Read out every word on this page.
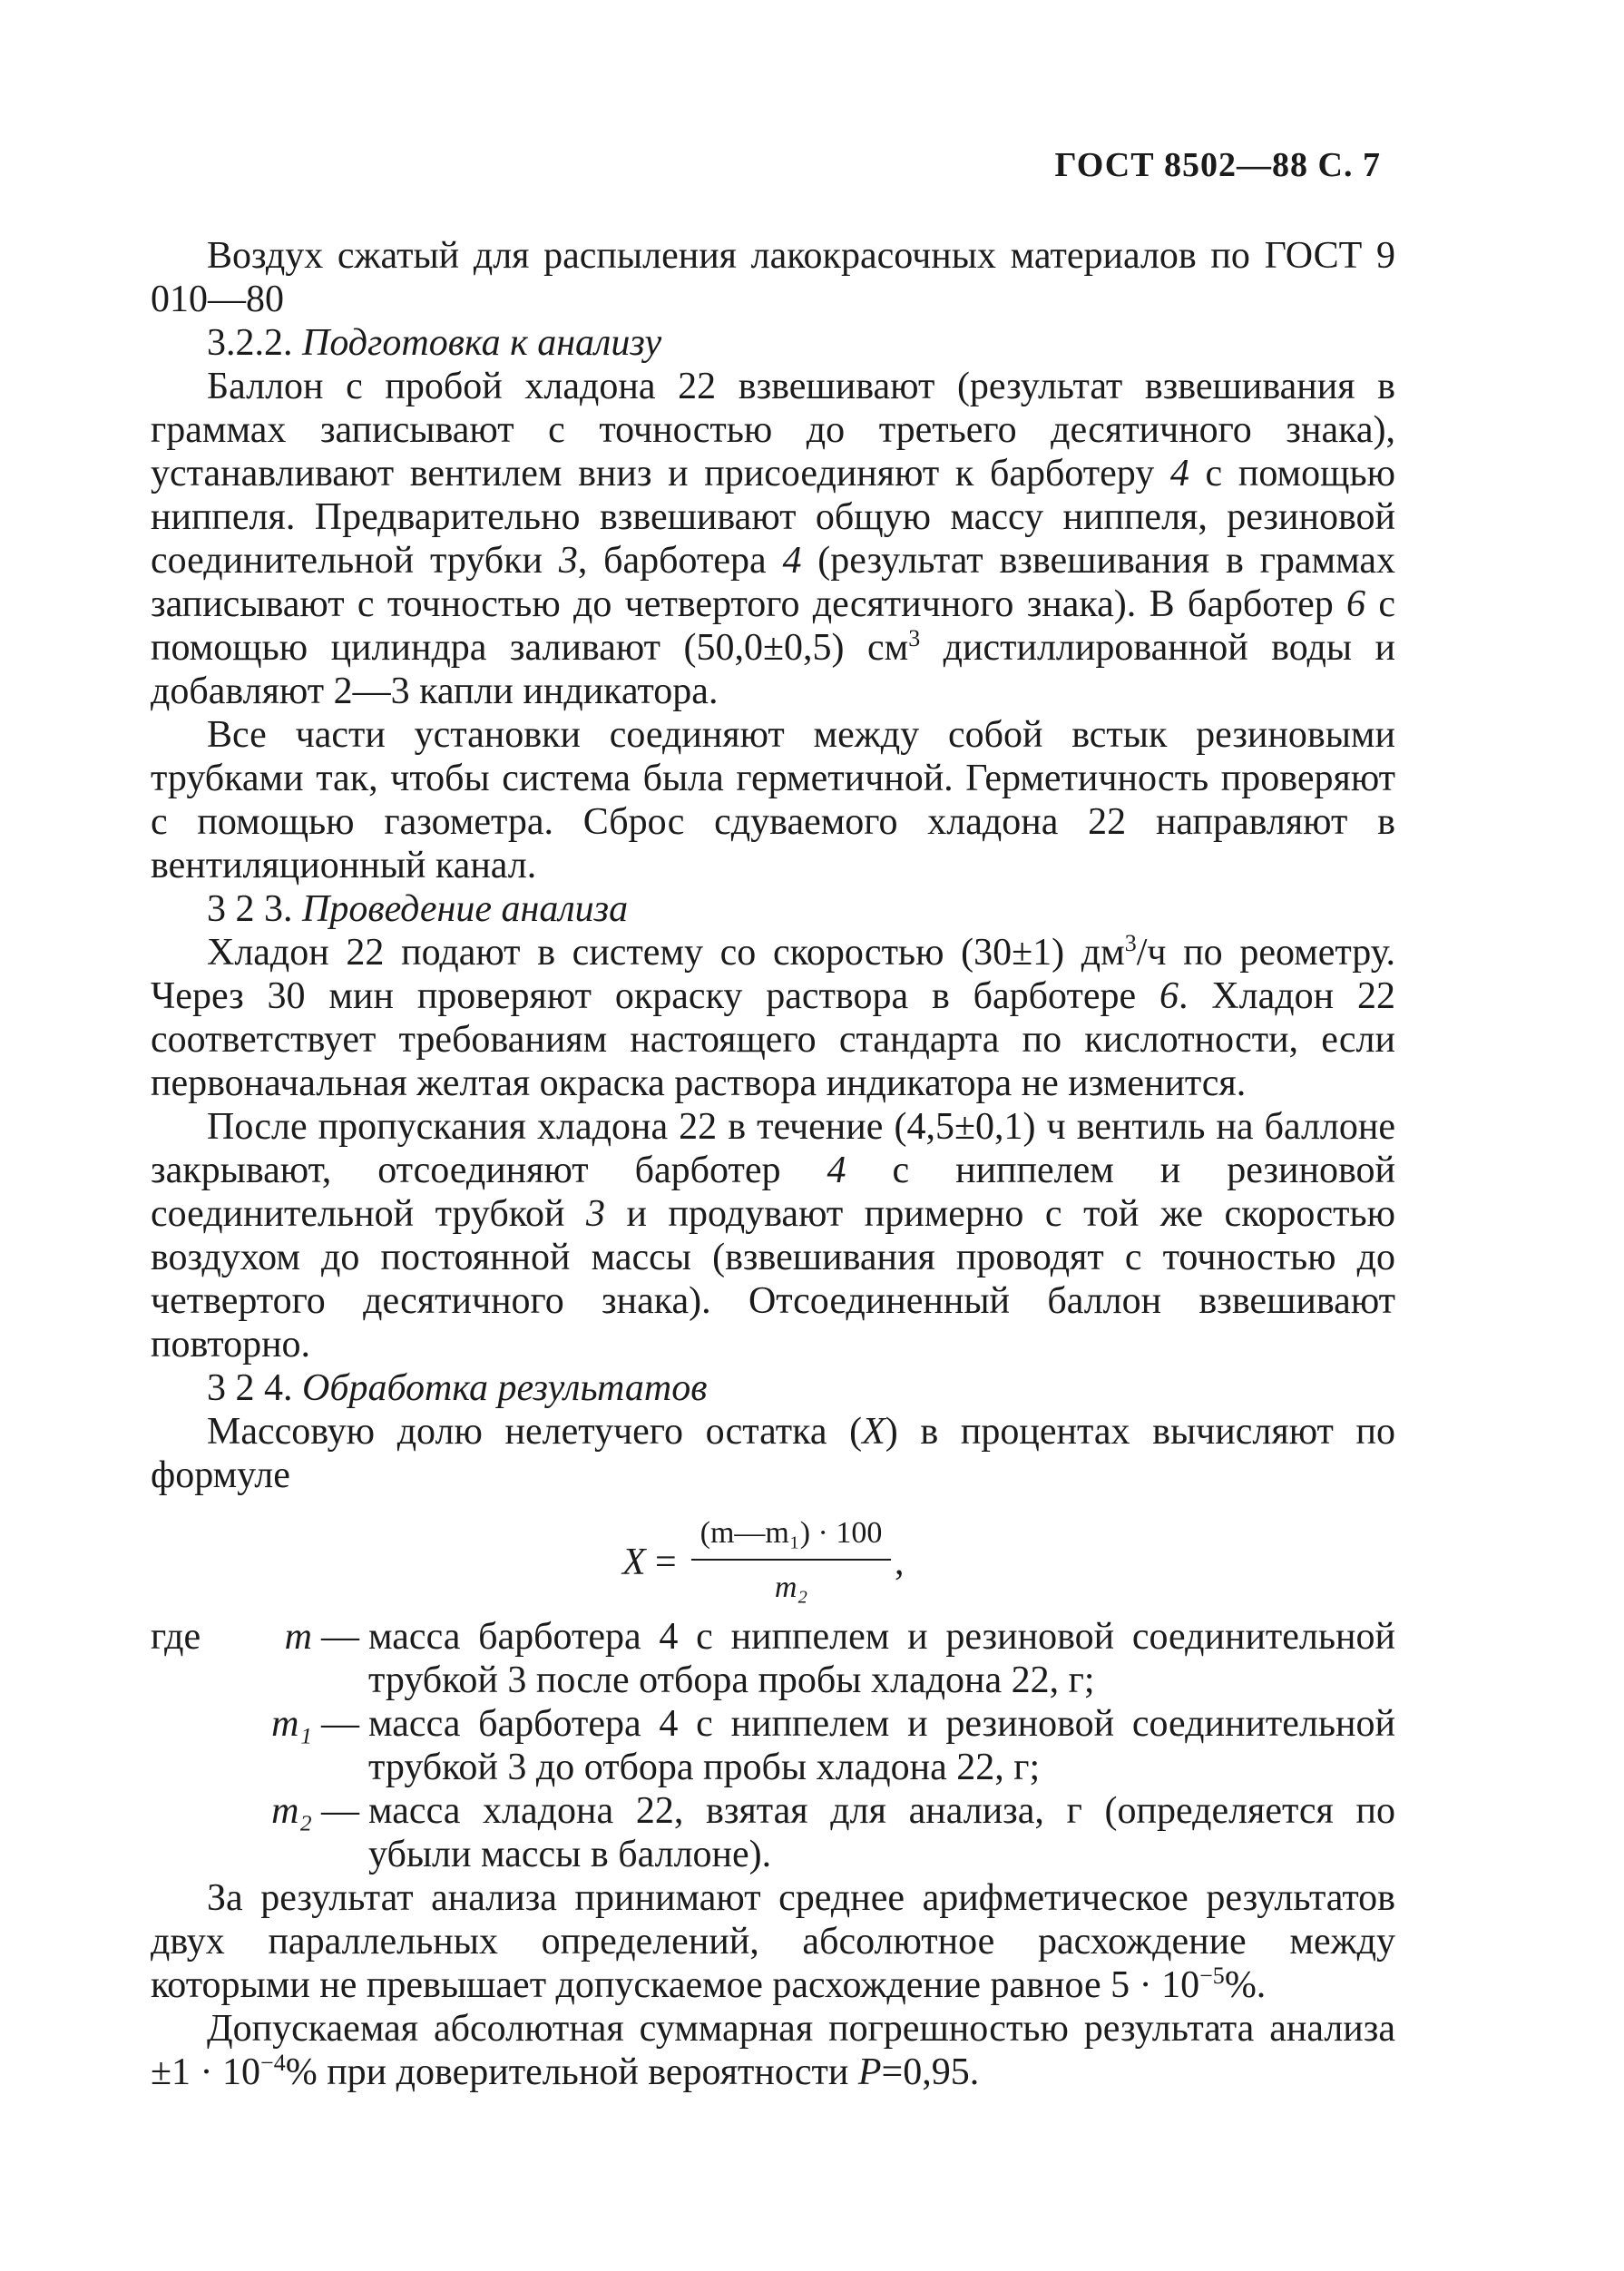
ГОСТ 8502—88 С. 7

Воздух сжатый для распыления лакокрасочных материалов по ГОСТ 9 010—80

3.2.2. Подготовка к анализу

Баллон с пробой хладона 22 взвешивают (результат взвешивания в граммах записывают с точностью до третьего десятичного знака), устанавливают вентилем вниз и присоединяют к барботеру 4 с помощью ниппеля. Предварительно взвешивают общую массу ниппеля, резиновой соединительной трубки 3, барботера 4 (результат взвешивания в граммах записывают с точностью до четвертого десятичного знака). В барботер 6 с помощью цилиндра заливают (50,0±0,5) $см^3$ дистиллированной воды и добавляют 2—3 капли индикатора.

Все части установки соединяют между собой встык резиновыми трубками так, чтобы система была герметичной. Герметичность проверяют с помощью газометра. Сброс сдуваемого хладона 22 направляют в вентиляционный канал.

3 2 3. Проведение анализа

Хладон 22 подают в систему со скоростью (30±1) $дм^3/ч$ по реометру. Через 30 мин проверяют окраску раствора в барботере 6. Хладон 22 соответствует требованиям настоящего стандарта по кислотности, если первоначальная желтая окраска раствора индикатора не изменится.

После пропускания хладона 22 в течение (4,5±0,1) ч вентиль на баллоне закрывают, отсоединяют барботер 4 с ниппелем и резиновой соединительной трубкой 3 и продувают примерно с той же скоростью воздухом до постоянной массы (взвешивания проводят с точностью до четвертого десятичного знака). Отсоединенный баллон взвешивают повторно.

3 2 4. Обработка результатов

Массовую долю нелетучего остатка (X) в процентах вычисляют по формуле

$X = \frac{\text{(m—m₁) · 100}}{\text{m₂}}$ ,
где	m — масса барботера 4 с ниппелем и резиновой соединительной трубкой 3 после отбора пробы хладона 22, г;
m₁ — масса барботера 4 с ниппелем и резиновой соединительной трубкой 3 до отбора пробы хладона 22, г;
m₂ — масса хладона 22, взятая для анализа, г (определяется по убыли массы в баллоне).

За результат анализа принимают среднее арифметическое результатов двух параллельных определений, абсолютное расхождение между которыми не превышает допускаемое расхождение равное $5 \cdot 10^{-5}\%$.

Допускаемая абсолютная суммарная погрешностью результата анализа $\pm 1 \cdot 10^{-4}\%$ при доверительной вероятности P=0,95.
